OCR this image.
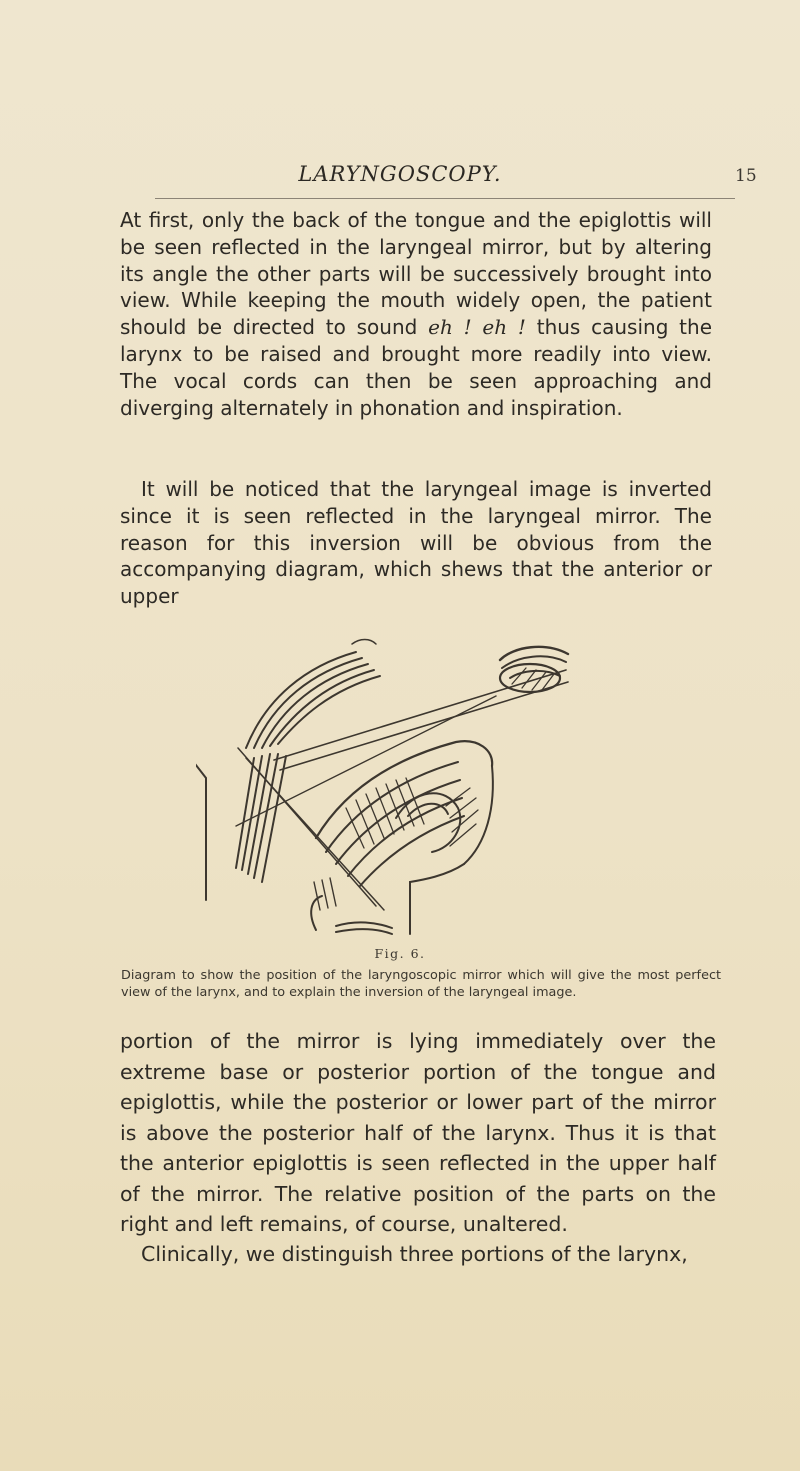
LARYNGOSCOPY.	15

At first, only the back of the tongue and the epiglottis will be seen reflected in the laryngeal mirror, but by altering its angle the other parts will be successively brought into view. While keeping the mouth widely open, the patient should be directed to sound eh ! eh ! thus causing the larynx to be raised and brought more readily into view. The vocal cords can then be seen approaching and diverging alternately in phonation and inspiration.

It will be noticed that the laryngeal image is inverted since it is seen reflected in the laryngeal mirror. The reason for this inversion will be obvious from the accompanying diagram, which shews that the anterior or upper

Fig. 6.

Diagram to show the position of the laryngoscopic mirror which will give the most perfect view of the larynx, and to explain the inversion of the laryngeal image.

portion of the mirror is lying immediately over the extreme base or posterior portion of the tongue and epiglottis, while the posterior or lower part of the mirror is above the posterior half of the larynx. Thus it is that the anterior epiglottis is seen reflected in the upper half of the mirror. The relative position of the parts on the right and left remains, of course, unaltered.

Clinically, we distinguish three portions of the larynx,
